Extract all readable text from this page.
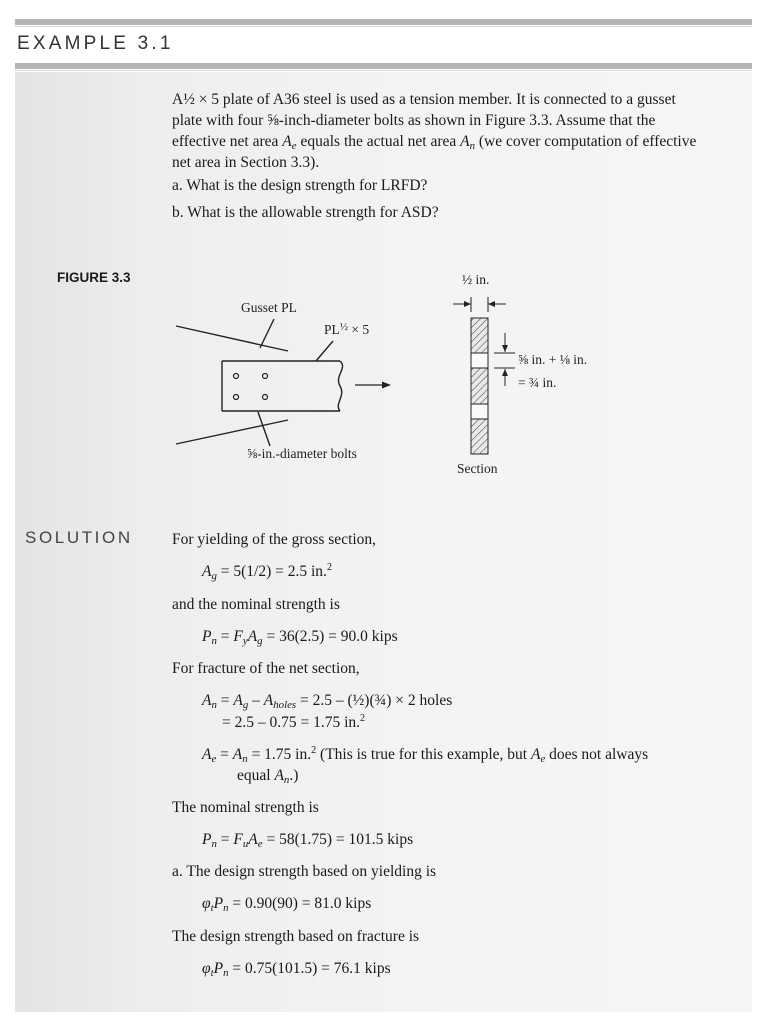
EXAMPLE 3.1
A½ × 5 plate of A36 steel is used as a tension member. It is connected to a gusset
plate with four ⅝-inch-diameter bolts as shown in Figure 3.3. Assume that the
effective net area $A_e$ equals the actual net area $A_n$ (we cover computation of effective
net area in Section 3.3).
a. What is the design strength for LRFD?
b. What is the allowable strength for ASD?
FIGURE 3.3
Gusset PL
$PL^{\frac{1}{2}} \times 5$
⅝-in.-diameter bolts
½ in.
⅝ in. + ⅛ in.
= ¾ in.
Section
SOLUTION	For yielding of the gross section,
$A_g = 5(1/2) = 2.5$ in.$^2$
and the nominal strength is
$P_n = F_yA_g = 36(2.5) = 90.0$ kips
For fracture of the net section,
$A_n = A_g - A_{holes} = 2.5$ – (½)(¾) × 2 holes
= 2.5 – 0.75 = 1.75 in.$^2$
$A_e = A_n = 1.75$ in.$^2$ (This is true for this example, but $A_e$ does not always
equal $A_n$.)
The nominal strength is
$P_n = F_uA_e = 58(1.75) = 101.5$ kips
a. The design strength based on yielding is
$\varphi_tP_n = 0.90(90) = 81.0$ kips
The design strength based on fracture is
$\varphi_tP_n = 0.75(101.5) = 76.1$ kips
